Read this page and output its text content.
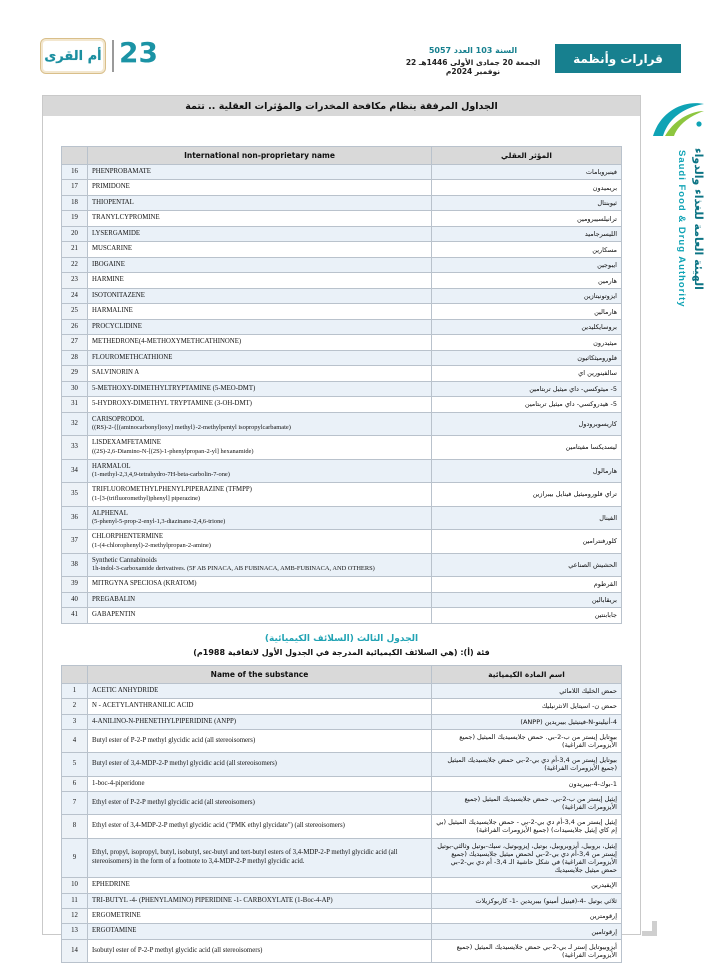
أم القرى 23	السنة 103 العدد 5057
الجمعة 20 جمادى الأولى 1446هـ 22 نوفمبر 2024م
قرارات وأنظمة
الجداول المرفقة بنظام مكافحة المخدرات والمؤثرات العقلية .. تتمة
	International non-proprietary name	المؤثر العقلي
16	PHENPROBAMATE	فينبروبامات
17	PRIMIDONE	بريميدون
18	THIOPENTAL	ثيوبنتال
19	TRANYLCYPROMINE	ترانيلسيبرومين
20	LYSERGAMIDE	الليسرجاميد
21	MUSCARINE	مسكارين
22	IBOGAINE	ايبوجين
23	HARMINE	هارمين
24	ISOTONITAZENE	ايزوتونيتازين
25	HARMALINE	هارمالين
26	PROCYCLIDINE	بروسايكليدين
27	METHEDRONE(4-METHOXYMETHCATHINONE)	ميثيدرون
28	FLOUROMETHCATHIONE	فلوروميثكاثيون
29	SALVINORIN A	سالفينورين اي
30	5-METHOXY-DIMETHYLTRYPTAMINE (5-MEO-DMT)	5- ميثوكسي- داي ميثيل تربتامين
31	5-HYDROXY-DIMETHYL TRYPTAMINE (3-OH-DMT)	5- هيدروكسي- داي ميثيل تربتامين
32	CARISOPRODOL
((RS)-2-{[(aminocarbonyl)oxy] methyl}-2-methylpentyl isopropylcarbamate)	كاريسوبرودول
33	LISDEXAMFETAMINE
((2S)-2,6-Diamino-N-[(2S)-1-phenylpropan-2-yl] hexanamide)	ليسديكسا مفيتامين
34	HARMALOL
(1-methyl-2,3,4,9-tetrahydro-7H-beta-carbolin-7-one)	هارمالول
35	TRIFLUOROMETHYLPHENYLPIPERAZINE (TFMPP)
(1-[3-(trifluoromethyl)phenyl] piperazine)	تراي فلوروميثيل فينايل بيبرازين
36	ALPHENAL
(5-phenyl-5-prop-2-enyl-1,3-diazinane-2,4,6-trione)	الفينال
37	CHLORPHENTERMINE
(1-(4-chlorophenyl)-2-methylpropan-2-amine)	كلورفنترامين
38	Synthetic Cannabinoids
1h-indol-3-carboxamide derivatives. (5F AB PINACA, AB FUBINACA, AMB-FUBINACA, AND OTHERS)	الحشيش الصناعي
39	MITRGYNA SPECIOSA (KRATOM)	القرطوم
40	PREGABALIN	بريقابالين
41	GABAPENTIN	جابابنتين
الجدول الثالث (السلائف الكيميائية)
فئة (أ): (هي السلائف الكيميائية المدرجة في الجدول الأول لاتفاقية 1988م)
	Name of the substance	اسم المادة الكيميائية
1	ACETIC ANHYDRIDE	حمض الخليك اللامائي
2	N - ACETYLANTHRANILIC ACID	حمض ن- اسيتايل الانثرنيليك
3	4-ANILINO-N-PHENETHYLPIPERIDINE (ANPP)	4-أنيلينو-N-فينيثيل بيبريدين (ANPP)
4	Butyl ester of P-2-P methyl glycidic acid (all stereoisomers)	بيوتايل إيستر من ب-2-بي. حمض جلايسيديك الميثيل (جميع الأيزومرات الفراغية)
5	Butyl ester of 3,4-MDP-2-P methyl glycidic acid (all stereoisomers)	بيوتايل إيستر من 3,4-أم دي بي-2-بي حمض جلايسيديك الميثيل (جميع الأيزومرات الفراغية)
6	1-boc-4-piperidone	1-بوك-4-بيبريدون
7	Ethyl ester of P-2-P methyl glycidic acid (all stereoisomers)	إيثيل إيستر من ب-2-بي. حمض جلايسيديك الميثيل (جميع الأيزومرات الفراغية)
8	Ethyl ester of 3,4-MDP-2-P methyl glycidic acid ("PMK ethyl glycidate") (all stereoisomers)	إيثيل إيستر من 3,4-أم دي بي-2-بي - حمض جلايسيديك الميثيل (بي إم كاي إيثيل جلايسيدات) (جميع الأيزومرات الفراغية)
9	Ethyl, propyl, isopropyl, butyl, isobutyl, sec-butyl and tert-butyl esters of 3,4-MDP-2-P methyl glycidic acid (all stereoisomers) in the form of a footnote to 3,4-MDP-2-P methyl glycidic acid.	إيثيل، بروبيل، أيزوبروبيل، بوتيل، إيزوبوتيل، سيك-بوتيل وثالثي-بوتيل إيستر من 3,4-أم دي بي-2-بي لحمض ميثيل جلايسيديك (جميع الأيزومرات الفراغية) في شكل حاشية الـ 3,4- أم دي بي-2-بي حمض ميثيل جلايسيديك
10	EPHEDRINE	الإيفيدرين
11	TRI-BUTYL -4- (PHENYLAMINO) PIPERIDINE -1- CARBOXYLATE (1-Boc-4-AP)	ثلاثي بوتيل -4-(فينيل أمينو) بيبريدين -1- كاربوكزيلات
12	ERGOMETRINE	إرقومترين
13	ERGOTAMINE	إرقوتامين
14	Isobutyl ester of P-2-P methyl glycidic acid (all stereoisomers)	أيزوبيوتايل إستر لـ بي-2-بي حمض جلايسيديك الميثيل (جميع الأيزومرات الفراغية)
الهيئة العامة للغذاء والدواء
Saudi Food & Drug Authority
